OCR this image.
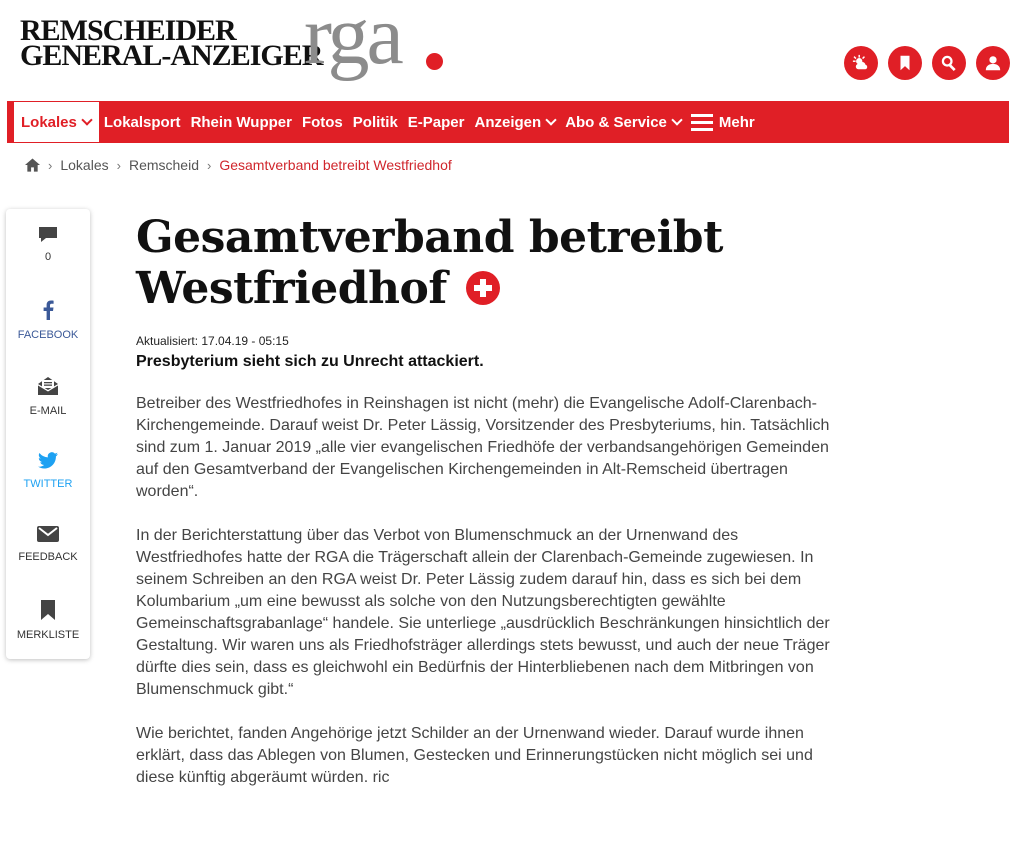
REMSCHEIDER
GENERAL-ANZEIGER
rga
Lokales Lokalsport Rhein Wupper Fotos Politik E-Paper Anzeigen Abo & Service	Mehr
› Lokales › Remscheid › Gesamtverband betreibt Westfriedhof
0
FACEBOOK
E-MAIL
TWITTER
FEEDBACK
MERKLISTE
Gesamtverband betreibt
Westfriedhof
Aktualisiert: 17.04.19 - 05:15
Presbyterium sieht sich zu Unrecht attackiert.

Betreiber des Westfriedhofes in Reinshagen ist nicht (mehr) die Evangelische Adolf-Clarenbach-Kirchengemeinde. Darauf weist Dr. Peter Lässig, Vorsitzender des Presbyteriums, hin. Tatsächlich sind zum 1. Januar 2019 „alle vier evangelischen Friedhöfe der verbandsangehörigen Gemeinden auf den Gesamtverband der Evangelischen Kirchengemeinden in Alt-Remscheid übertragen worden“.

In der Berichterstattung über das Verbot von Blumenschmuck an der Urnenwand des Westfriedhofes hatte der RGA die Trägerschaft allein der Clarenbach-Gemeinde zugewiesen. In seinem Schreiben an den RGA weist Dr. Peter Lässig zudem darauf hin, dass es sich bei dem Kolumbarium „um eine bewusst als solche von den Nutzungsberechtigten gewählte Gemeinschaftsgrabanlage“ handele. Sie unterliege „ausdrücklich Beschränkungen hinsichtlich der Gestaltung. Wir waren uns als Friedhofsträger allerdings stets bewusst, und auch der neue Träger dürfte dies sein, dass es gleichwohl ein Bedürfnis der Hinterbliebenen nach dem Mitbringen von Blumenschmuck gibt.“

Wie berichtet, fanden Angehörige jetzt Schilder an der Urnenwand wieder. Darauf wurde ihnen erklärt, dass das Ablegen von Blumen, Gestecken und Erinnerungstücken nicht möglich sei und diese künftig abgeräumt würden. ric
